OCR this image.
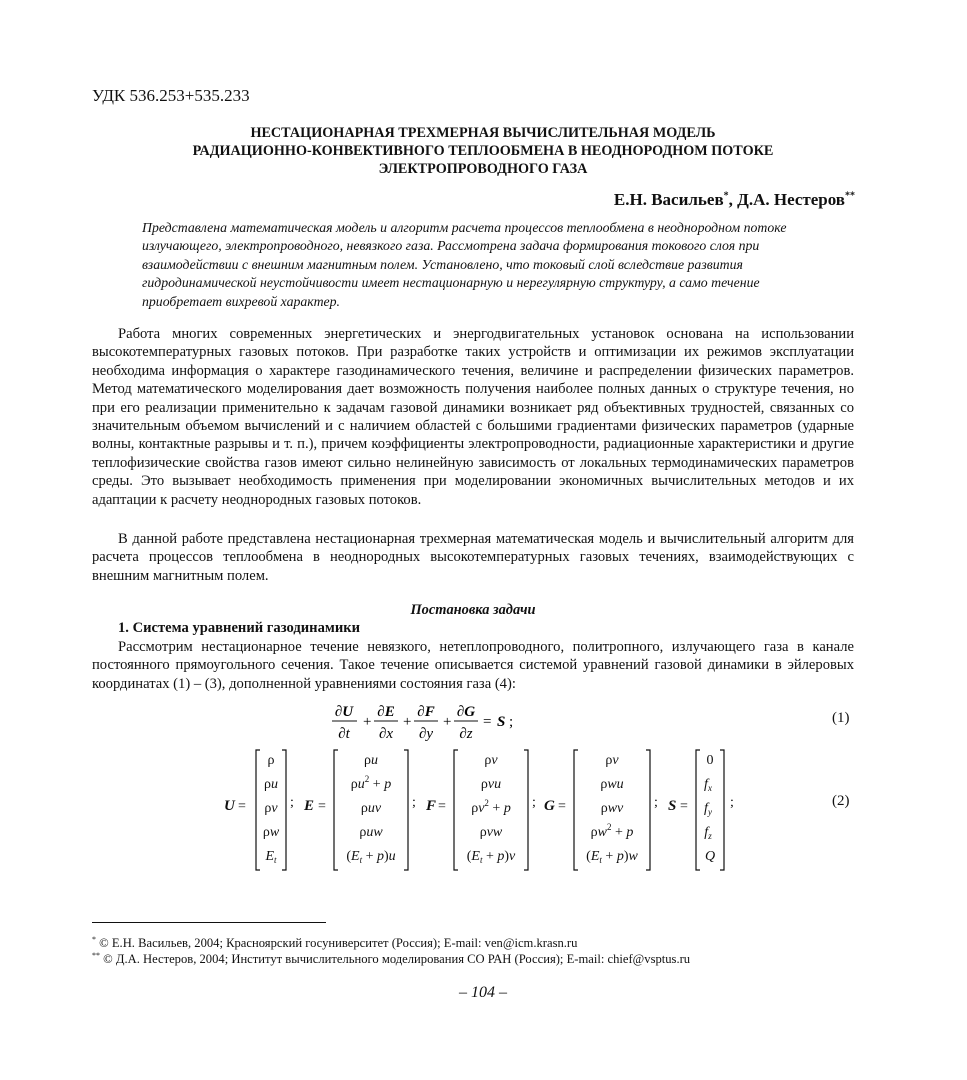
УДК 536.253+535.233
НЕСТАЦИОНАРНАЯ ТРЕХМЕРНАЯ ВЫЧИСЛИТЕЛЬНАЯ МОДЕЛЬ
РАДИАЦИОННО-КОНВЕКТИВНОГО ТЕПЛООБМЕНА В НЕОДНОРОДНОМ ПОТОКЕ
ЭЛЕКТРОПРОВОДНОГО ГАЗА
Е.Н. Васильев*, Д.А. Нестеров**
Представлена математическая модель и алгоритм расчета процессов теплообмена в неоднородном потоке излучающего, электропроводного, невязкого газа. Рассмотрена задача формирования токового слоя при взаимодействии с внешним магнитным полем. Установлено, что токовый слой вследствие развития гидродинамической неустойчивости имеет нестационарную и нерегулярную структуру, а само течение приобретает вихревой характер.

Работа многих современных энергетических и энергодвигательных установок основана на использовании высокотемпературных газовых потоков. При разработке таких устройств и оптимизации их режимов эксплуатации необходима информация о характере газодинамического течения, величине и распределении физических параметров. Метод математического моделирования дает возможность получения наиболее полных данных о структуре течения, но при его реализации применительно к задачам газовой динамики возникает ряд объективных трудностей, связанных со значительным объемом вычислений и с наличием областей с большими градиентами физических параметров (ударные волны, контактные разрывы и т. п.), причем коэффициенты электропроводности, радиационные характеристики и другие теплофизические свойства газов имеют сильно нелинейную зависимость от локальных термодинамических параметров среды. Это вызывает необходимость применения при моделировании экономичных вычислительных методов и их адаптации к расчету неоднородных газовых потоков.

В данной работе представлена нестационарная трехмерная математическая модель и вычислительный алгоритм для расчета процессов теплообмена в неоднородных высокотемпературных газовых течениях, взаимодействующих с внешним магнитным полем.

Постановка задачи
1. Система уравнений газодинамики

Рассмотрим нестационарное течение невязкого, нетеплопроводного, политропного, излучающего газа в канале постоянного прямоугольного сечения. Такое течение описывается системой уравнений газовой динамики в эйлеровых координатах (1) – (3), дополненной уравнениями состояния газа (4):

∂U
∂t
+
∂E
∂x
+
∂F
∂y
+
∂G
∂z
= S ;	(1)
U =
ρ
ρu
ρv
ρw
$E_t$
; E =
ρu
$\rho u^2 + p$
ρuv
ρuw
$(E_t + p)u$
; F =
ρv
ρvu
$\rho v^2 + p$
ρvw
$(E_t + p)v$
; G =
ρv
ρwu
ρwv
$\rho w^2 + p$
$(E_t + p)w$
; S =
0
$f_x$
$f_y$
$f_z$
Q
;	(2)
* © Е.Н. Васильев, 2004; Красноярский госуниверситет (Россия); E-mail: ven@icm.krasn.ru
** © Д.А. Нестеров, 2004; Институт вычислительного моделирования СО РАН (Россия); E-mail: chief@vsptus.ru
– 104 –
